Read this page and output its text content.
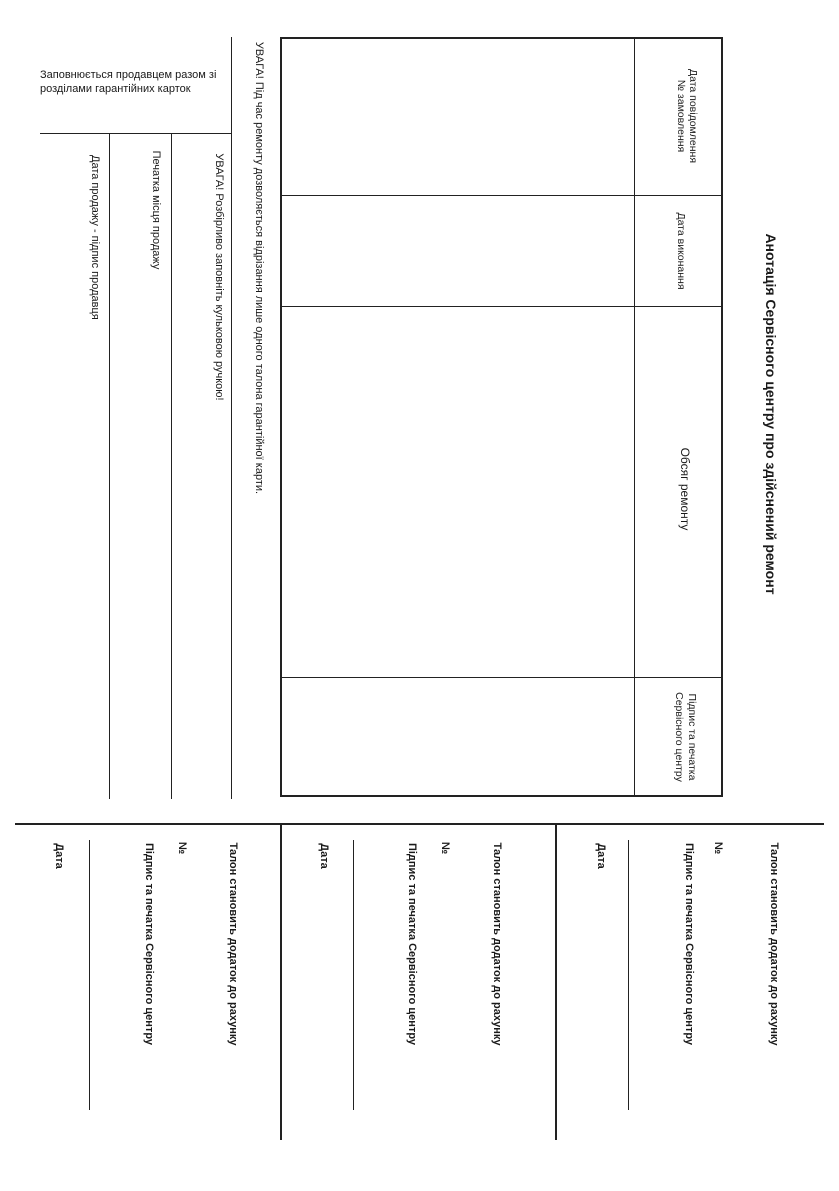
Анотація Сервісного центру про здійснений ремонт
Дата повідомлення
№ замовлення
Дата виконання
Обсяг ремонту
Підпис та печатка
Сервісного центру
УВАГА! Під час ремонту дозволяється відрізання лише одного талона гарантійної карти.
Заповнюється продавцем разом зі
розділами гарантійних карток
УВАГА! Розбірливо заповніть кульковою ручкою!
Печатка місця продажу
Дата продажу - підпис продавця
Талон становить додаток до рахунку
№
Підпис та печатка Сервісного центру
Дата
Талон становить додаток до рахунку
№
Підпис та печатка Сервісного центру
Дата
Талон становить додаток до рахунку
№
Підпис та печатка Сервісного центру
Дата
